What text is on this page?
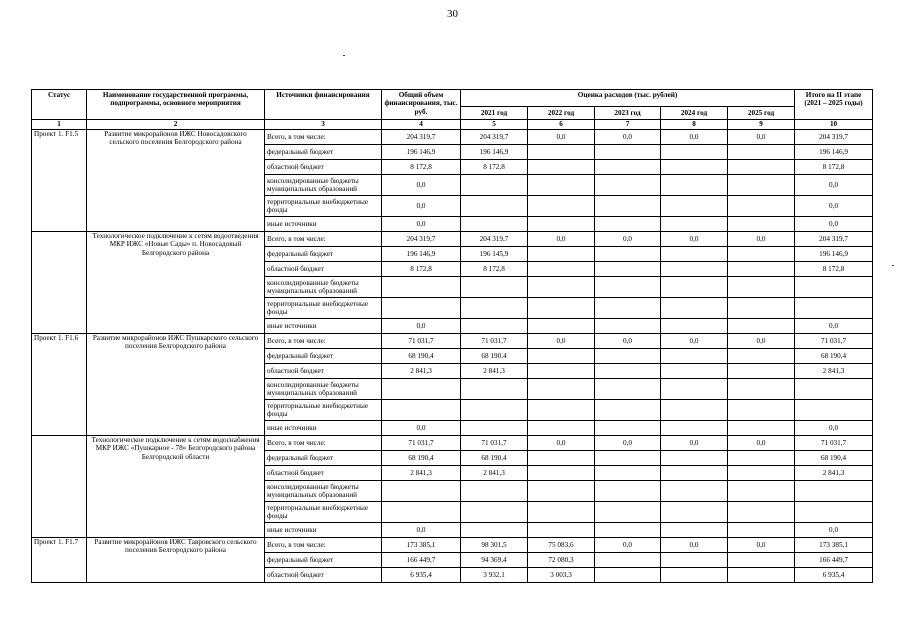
30
Статус	Наименование государственной программы, подпрограммы, основного мероприятия	Источники финансирования	Общий объем финансирования, тыс. руб.	Оценка расходов (тыс. рублей)					Итого на II этапе (2021 – 2025 годы)
				2021 год	2022 год	2023 год	2024 год	2025 год	
1	2	3	4	5	6	7	8	9	10
Проект 1. F1.5	Развитие микрорайонов ИЖС Новосадовского сельского поселения Белгородского района	Всего, в том числе:	204 319,7	204 319,7	0,0	0,0	0,0	0,0	204 319,7
		федеральный бюджет	196 146,9	196 146,9					196 146,9
		областной бюджет	8 172,8	8 172,8					8 172,8
		консолидированные бюджеты муниципальных образований	0,0						0,0
		территориальные внебюджетные фонды	0,0						0,0
		иные источники	0,0						0,0
	Технологическое подключение к сетям водоотведения МКР ИЖС «Новые Сады» п. Новосадовый Белгородского района	Всего, в том числе:	204 319,7	204 319,7	0,0	0,0	0,0	0,0	204 319,7
		федеральный бюджет	196 146,9	196 145,9					196 146,9
		областной бюджет	8 172,8	8 172,8					8 172,8
		консолидированные бюджеты муниципальных образований							
		территориальные внебюджетные фонды							
		иные источники	0,0						0,0
Проект 1. F1.6	Развитие микрорайонов ИЖС Пушкарского сельского поселения Белгородского района	Всего, в том числе:	71 031,7	71 031,7	0,0	0,0	0,0	0,0	71 031,7
		федеральный бюджет	68 190,4	68 190,4					68 190,4
		областной бюджет	2 841,3	2 841,3					2 841,3
		консолидированные бюджеты муниципальных образований							
		территориальные внебюджетные фонды							
		иные источники	0,0						0,0
	Технологическое подключение к сетям водоснабжения МКР ИЖС «Пушкарное - 78» Белгородского района Белгородской области	Всего, в том числе:	71 031,7	71 031,7	0,0	0,0	0,0	0,0	71 031,7
		федеральный бюджет	68 190,4	68 190,4					68 190,4
		областной бюджет	2 841,3	2 841,3					2 841,3
		консолидированные бюджеты муниципальных образований							
		территориальные внебюджетные фонды							
		иные источники	0,0						0,0
Проект 1. F1.7	Развитие микрорайонов ИЖС Тавровского сельского поселения Белгородского района	Всего, в том числе:	173 385,1	98 301,5	75 083,6	0,0	0,0	0,0	173 385,1
		федеральный бюджет	166 449,7	94 369,4	72 080,3				166 449,7
		областной бюджет	6 935,4	3 932,1	3 003,3				6 935,4
